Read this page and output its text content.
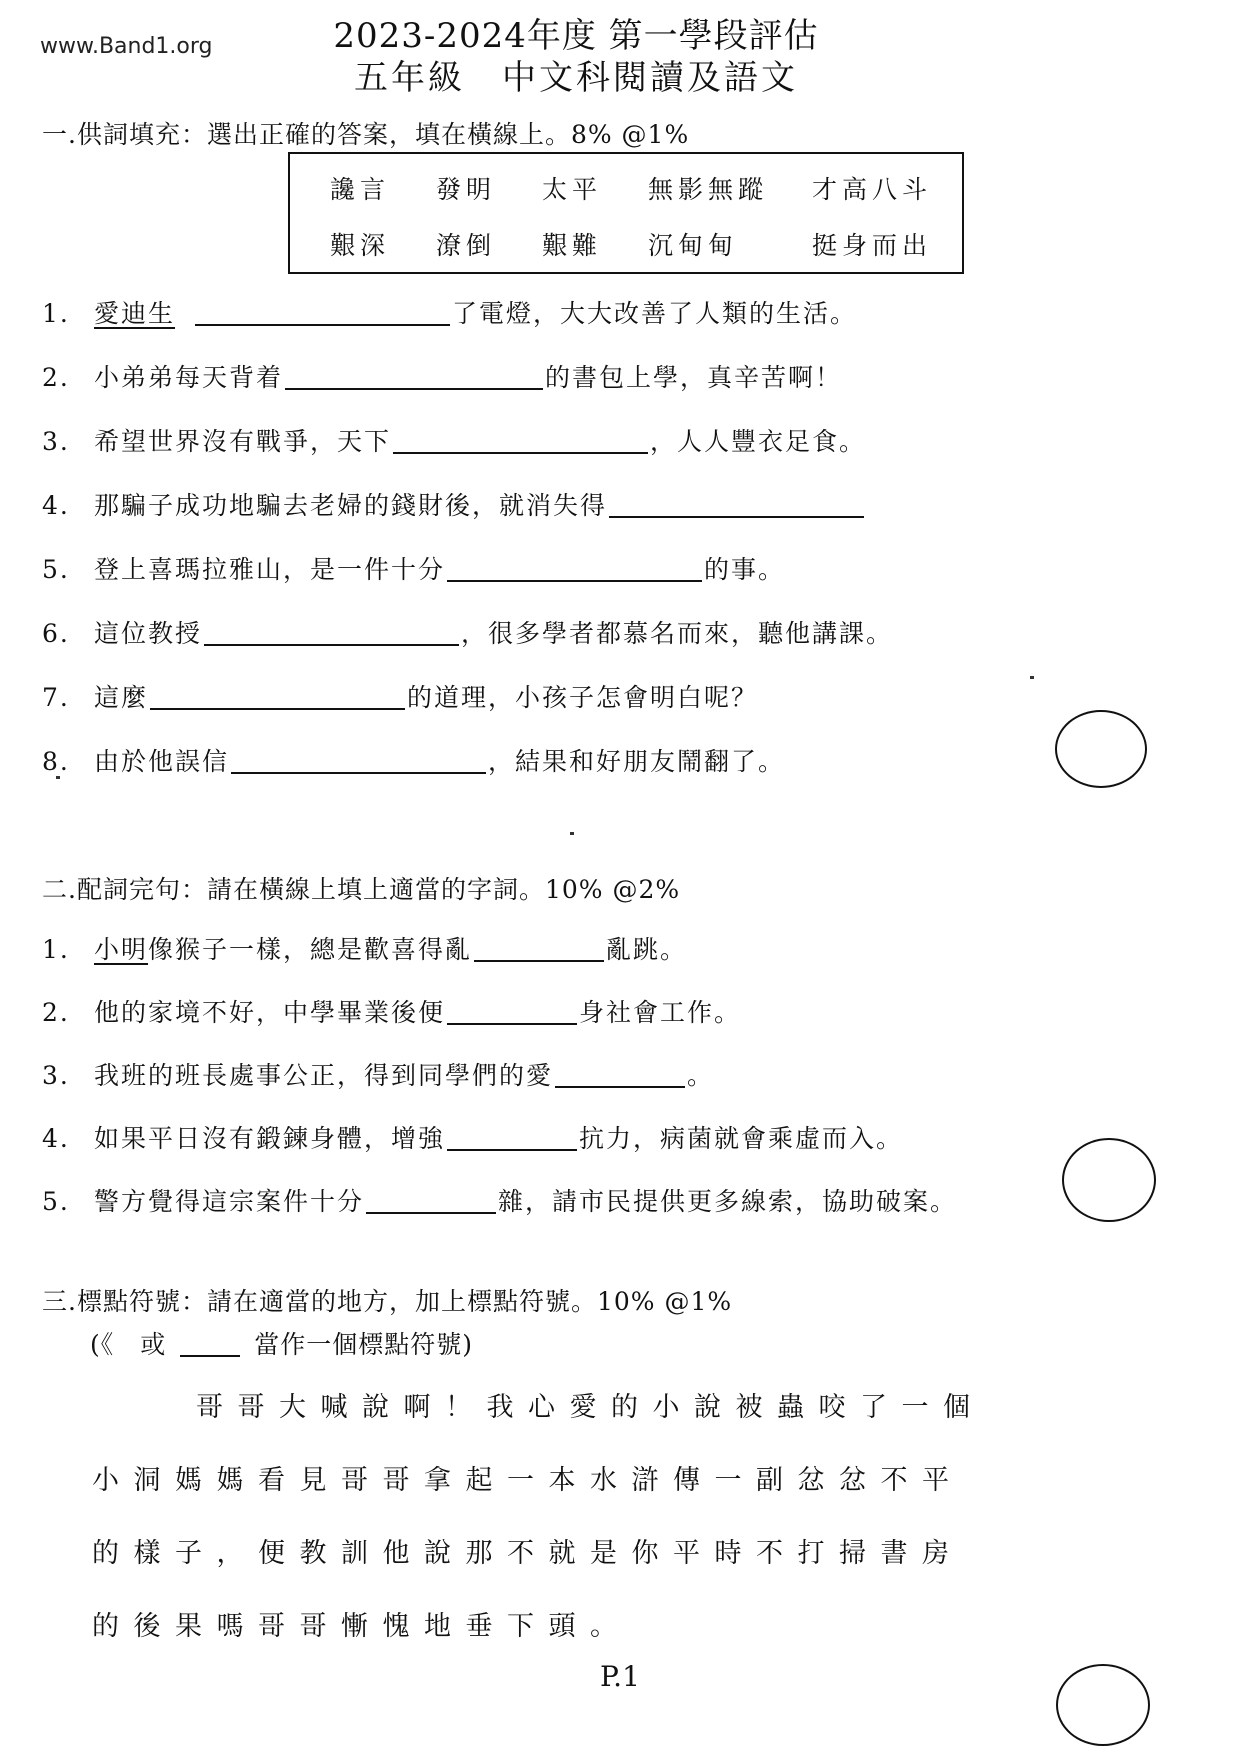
www.Band1.org	2023-2024年度 第一學段評估
五年級　中文科閱讀及語文
一.供詞填充：選出正確的答案，填在橫線上。8% @1%
讒言 發明 太平 無影無蹤 才高八斗
艱深 潦倒 艱難 沉甸甸	挺身而出
1. 愛迪生	了電燈，大大改善了人類的生活。
2. 小弟弟每天背着	的書包上學，真辛苦啊！
3. 希望世界沒有戰爭，天下	，人人豐衣足食。
4. 那騙子成功地騙去老婦的錢財後，就消失得
5. 登上喜瑪拉雅山，是一件十分	的事。
6. 這位教授	，很多學者都慕名而來，聽他講課。
7. 這麼	的道理，小孩子怎會明白呢？
8. 由於他誤信	，結果和好朋友鬧翻了。
二.配詞完句：請在橫線上填上適當的字詞。10% @2%
1. 小明 像猴子一樣，總是歡喜得亂	亂跳。
2. 他的家境不好，中學畢業後便	身社會工作。
3. 我班的班長處事公正，得到同學們的愛	。
4. 如果平日沒有鍛鍊身體，增強	抗力，病菌就會乘虛而入。
5. 警方覺得這宗案件十分	雜，請市民提供更多線索，協助破案。
三.標點符號：請在適當的地方，加上標點符號。10% @1%
(《　或	當作一個標點符號)
哥哥大喊說啊！我心愛的小說被蟲咬了一個
小洞媽媽看見哥哥拿起一本水滸傳一副忿忿不平
的樣子，便教訓他說那不就是你平時不打掃書房
的後果嗎哥哥慚愧地垂下頭。
P.1
